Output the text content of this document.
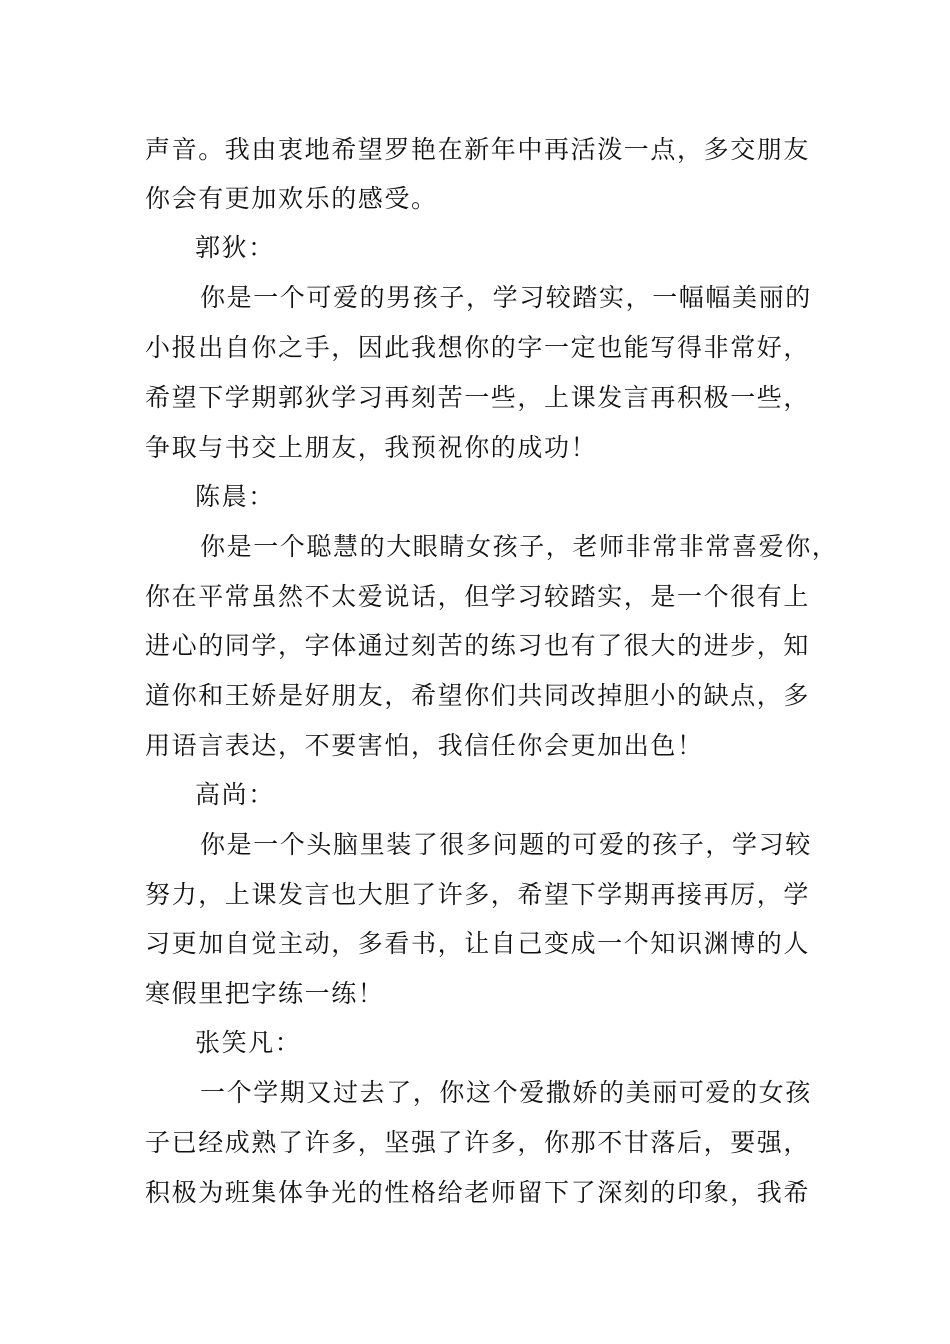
声音。我由衷地希望罗艳在新年中再活泼一点，多交朋友
你会有更加欢乐的感受。
郭狄：
你是一个可爱的男孩子，学习较踏实，一幅幅美丽的
小报出自你之手，因此我想你的字一定也能写得非常好，
希望下学期郭狄学习再刻苦一些，上课发言再积极一些，
争取与书交上朋友，我预祝你的成功！
陈晨：
你是一个聪慧的大眼睛女孩子，老师非常非常喜爱你，
你在平常虽然不太爱说话，但学习较踏实，是一个很有上
进心的同学，字体通过刻苦的练习也有了很大的进步，知
道你和王娇是好朋友，希望你们共同改掉胆小的缺点，多
用语言表达，不要害怕，我信任你会更加出色！
高尚：
你是一个头脑里装了很多问题的可爱的孩子，学习较
努力，上课发言也大胆了许多，希望下学期再接再厉，学
习更加自觉主动，多看书，让自己变成一个知识渊博的人
寒假里把字练一练！
张笑凡：
一个学期又过去了，你这个爱撒娇的美丽可爱的女孩
子已经成熟了许多，坚强了许多，你那不甘落后，要强，
积极为班集体争光的性格给老师留下了深刻的印象，我希
